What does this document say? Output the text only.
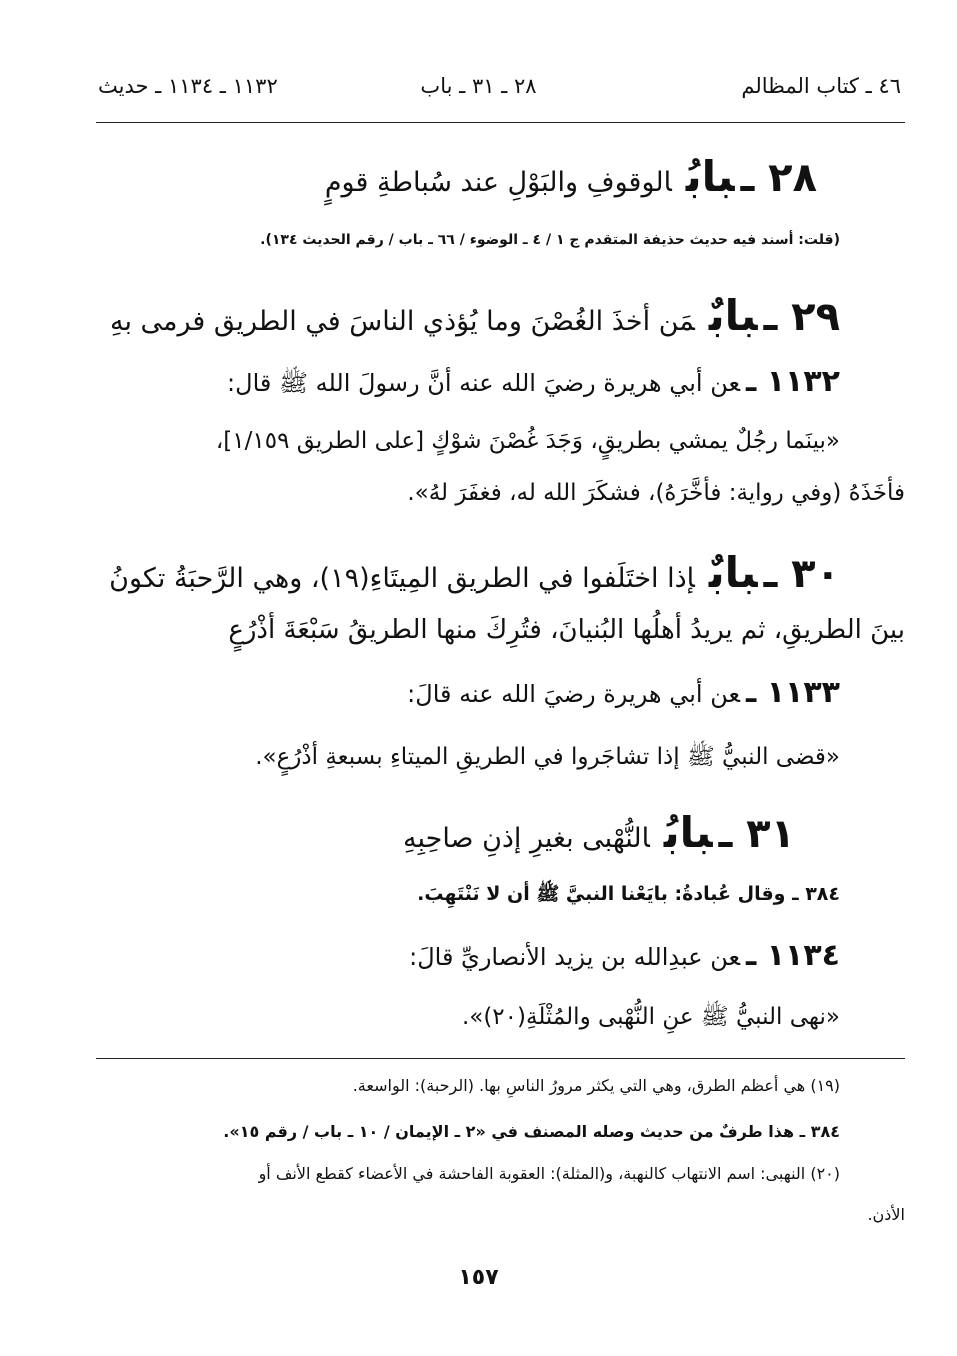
٤٦ ـ كتاب المظالم
٢٨ ـ ٣١ ـ باب
١١٣٢ ـ ١١٣٤ ـ حديث
٢٨ ـبابُالوقوفِ والبَوْلِ عند سُباطةِ قومٍ
(قلت: أسند فيه حديث حذيفة المتقدم ج ١ / ٤ ـ الوضوء / ٦٦ ـ باب / رقم الحديث ١٣٤).
٢٩ ـبابٌمَن أخذَ الغُصْنَ وما يُؤذي الناسَ في الطريق فرمى بهِ
١١٣٢ ـعن أبي هريرة رضيَ الله عنه أنَّ رسولَ الله ﷺ قال:
«بينَما رجُلٌ يمشي بطريقٍ، وَجَدَ غُصْنَ شوْكٍ [على الطريق ١/١٥٩]،
فأخَذَهُ (وفي رواية: فأخَّرَهُ)، فشكَرَ الله له، فغفَرَ لهُ».
٣٠ ـبابٌإذا اختَلَفوا في الطريق المِيتَاءِ(١٩)، وهي الرَّحبَةُ تكونُ
بينَ الطريقِ، ثم يريدُ أهلُها البُنيانَ، فتُرِكَ منها الطريقُ سَبْعَةَ أذْرُعٍ
١١٣٣ ـعن أبي هريرة رضيَ الله عنه قالَ:
«قضى النبيُّ ﷺ إذا تشاجَروا في الطريقِ الميتاءِ بسبعةِ أذْرُعٍ».
٣١ ـبابُالنُّهْبى بغيرِ إذنِ صاحِبِهِ
٣٨٤ ـ وقال عُبادةُ: بايَعْنا النبيَّ ﷺ أن لا نَنْتَهِبَ.
١١٣٤ ـعن عبدِالله بن يزيد الأنصاريِّ قالَ:
«نهى النبيُّ ﷺ عنِ النُّهْبى والمُثْلَةِ(٢٠)».
(١٩) هي أعظم الطرق، وهي التي يكثر مرورُ الناسِ بها. (الرحبة): الواسعة.
٣٨٤ ـ هذا طرفٌ من حديث وصله المصنف في «٢ ـ الإيمان / ١٠ ـ باب / رقم ١٥».
(٢٠) النهبى: اسم الانتهاب كالنهبة، و(المثلة): العقوبة الفاحشة في الأعضاء كقطع الأنف أو
الأذن.
١٥٧
